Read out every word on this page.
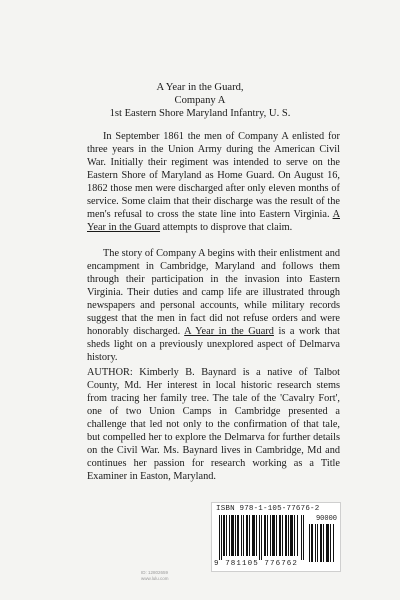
A Year in the Guard,
Company A
1st Eastern Shore Maryland Infantry, U. S.

In September 1861 the men of Company A enlisted for three years in the Union Army during the American Civil War. Initially their regiment was intended to serve on the Eastern Shore of Maryland as Home Guard. On August 16, 1862 those men were discharged after only eleven months of service. Some claim that their discharge was the result of the men's refusal to cross the state line into Eastern Virginia. A Year in the Guard attempts to disprove that claim.

The story of Company A begins with their enlistment and encampment in Cambridge, Maryland and follows them through their participation in the invasion into Eastern Virginia. Their duties and camp life are illustrated through newspapers and personal accounts, while military records suggest that the men in fact did not refuse orders and were honorably discharged. A Year in the Guard is a work that sheds light on a previously unexplored aspect of Delmarva history.

AUTHOR: Kimberly B. Baynard is a native of Talbot County, Md. Her interest in local historic research stems from tracing her family tree. The tale of the 'Cavalry Fort', one of two Union Camps in Cambridge presented a challenge that led not only to the confirmation of that tale, but compelled her to explore the Delmarva for further details on the Civil War. Ms. Baynard lives in Cambridge, Md and continues her passion for research working as a Title Examiner in Easton, Maryland.

ISBN 978-1-105-77676-2
90000
9 781105 776762
ID: 12802659
www.lulu.com
